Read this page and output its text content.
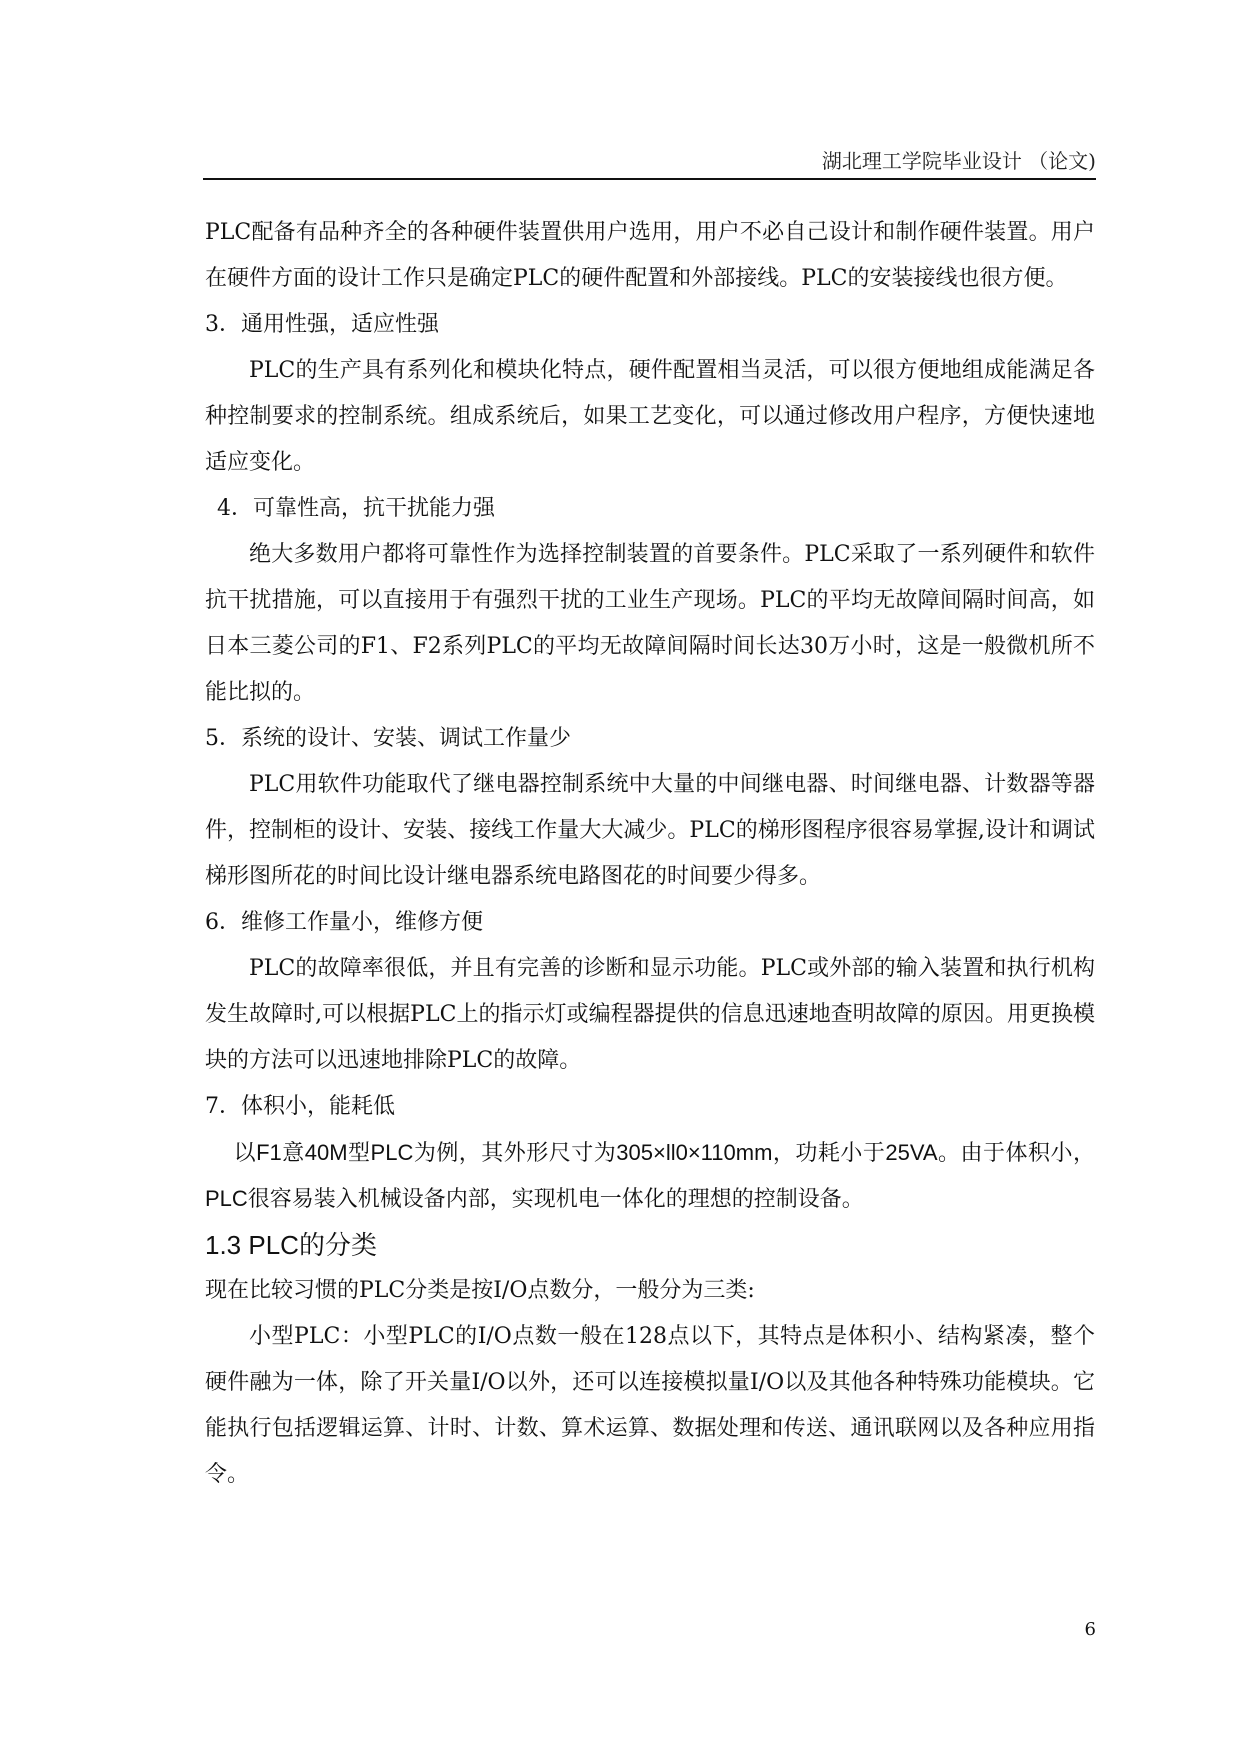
湖北理工学院毕业设计 （论文)

PLC配备有品种齐全的各种硬件装置供用户选用，用户不必自己设计和制作硬件装置。用户在硬件方面的设计工作只是确定PLC的硬件配置和外部接线。PLC的安装接线也很方便。

3．通用性强，适应性强

PLC的生产具有系列化和模块化特点，硬件配置相当灵活，可以很方便地组成能满足各种控制要求的控制系统。组成系统后，如果工艺变化，可以通过修改用户程序，方便快速地适应变化。

4．可靠性高，抗干扰能力强

绝大多数用户都将可靠性作为选择控制装置的首要条件。PLC采取了一系列硬件和软件抗干扰措施，可以直接用于有强烈干扰的工业生产现场。PLC的平均无故障间隔时间高，如日本三菱公司的F1、F2系列PLC的平均无故障间隔时间长达30万小时，这是一般微机所不能比拟的。

5．系统的设计、安装、调试工作量少

PLC用软件功能取代了继电器控制系统中大量的中间继电器、时间继电器、计数器等器件，控制柜的设计、安装、接线工作量大大减少。PLC的梯形图程序很容易掌握,设计和调试梯形图所花的时间比设计继电器系统电路图花的时间要少得多。

6．维修工作量小，维修方便

PLC的故障率很低，并且有完善的诊断和显示功能。PLC或外部的输入装置和执行机构发生故障时,可以根据PLC上的指示灯或编程器提供的信息迅速地查明故障的原因。用更换模块的方法可以迅速地排除PLC的故障。

7．体积小，能耗低

以F1意40M型PLC为例，其外形尺寸为305×ll0×110mm，功耗小于25VA。由于体积小，PLC很容易装入机械设备内部，实现机电一体化的理想的控制设备。

1.3 PLC的分类

现在比较习惯的PLC分类是按I/O点数分，一般分为三类:

小型PLC：小型PLC的I/O点数一般在128点以下，其特点是体积小、结构紧凑，整个硬件融为一体，除了开关量I/O以外，还可以连接模拟量I/O以及其他各种特殊功能模块。它能执行包括逻辑运算、计时、计数、算术运算、数据处理和传送、通讯联网以及各种应用指令。

6
